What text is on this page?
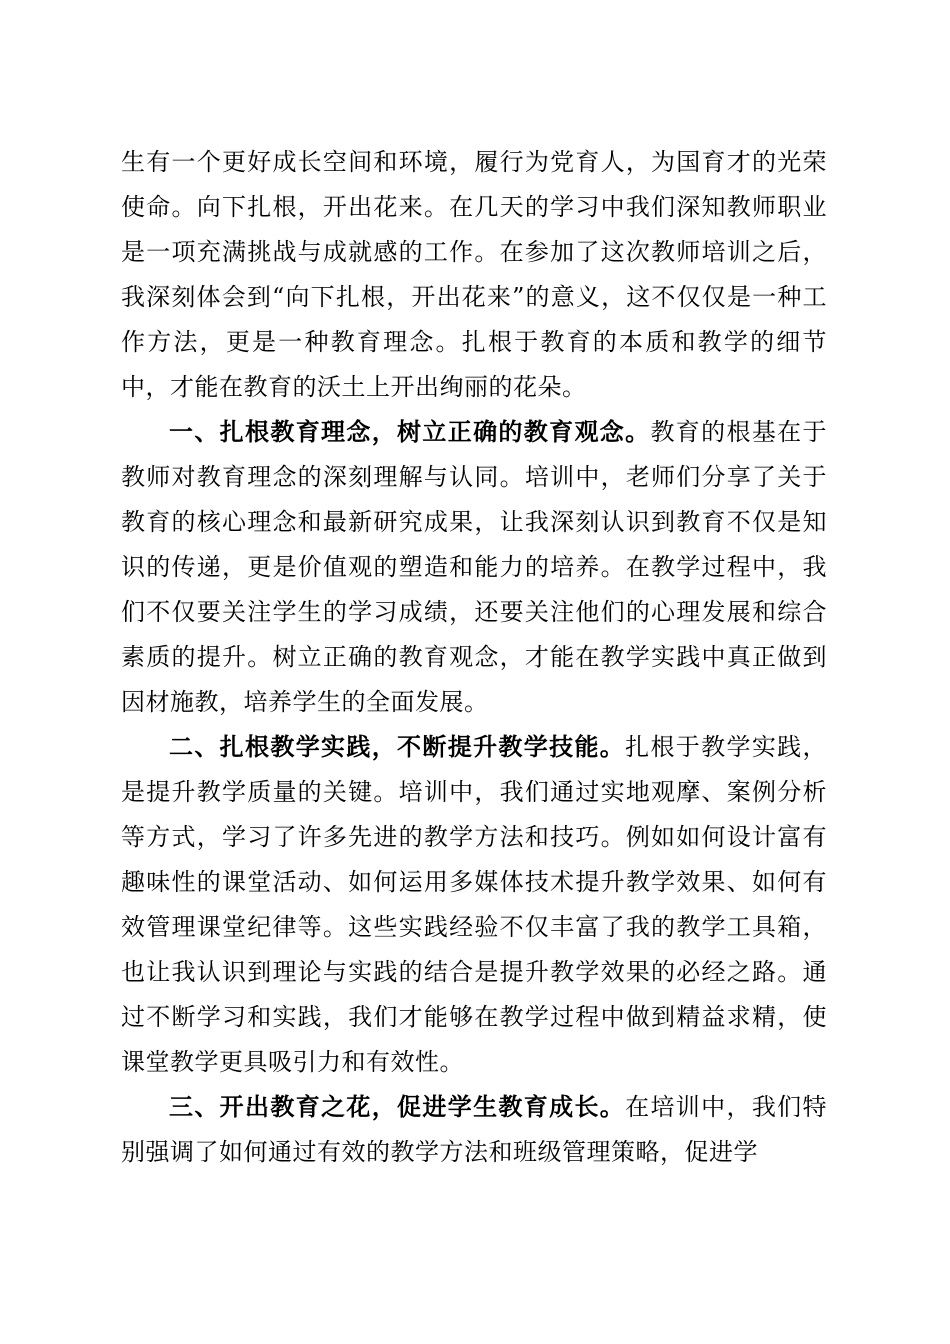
生有一个更好成长空间和环境，履行为党育人，为国育才的光荣使命。向下扎根，开出花来。在几天的学习中我们深知教师职业是一项充满挑战与成就感的工作。在参加了这次教师培训之后，我深刻体会到“向下扎根，开出花来”的意义，这不仅仅是一种工作方法，更是一种教育理念。扎根于教育的本质和教学的细节中，才能在教育的沃土上开出绚丽的花朵。

一、扎根教育理念，树立正确的教育观念。教育的根基在于教师对教育理念的深刻理解与认同。培训中，老师们分享了关于教育的核心理念和最新研究成果，让我深刻认识到教育不仅是知识的传递，更是价值观的塑造和能力的培养。在教学过程中，我们不仅要关注学生的学习成绩，还要关注他们的心理发展和综合素质的提升。树立正确的教育观念，才能在教学实践中真正做到因材施教，培养学生的全面发展。

二、扎根教学实践，不断提升教学技能。扎根于教学实践，是提升教学质量的关键。培训中，我们通过实地观摩、案例分析等方式，学习了许多先进的教学方法和技巧。例如如何设计富有趣味性的课堂活动、如何运用多媒体技术提升教学效果、如何有效管理课堂纪律等。这些实践经验不仅丰富了我的教学工具箱，也让我认识到理论与实践的结合是提升教学效果的必经之路。通过不断学习和实践，我们才能够在教学过程中做到精益求精，使课堂教学更具吸引力和有效性。

三、开出教育之花，促进学生教育成长。在培训中，我们特别强调了如何通过有效的教学方法和班级管理策略，促进学
